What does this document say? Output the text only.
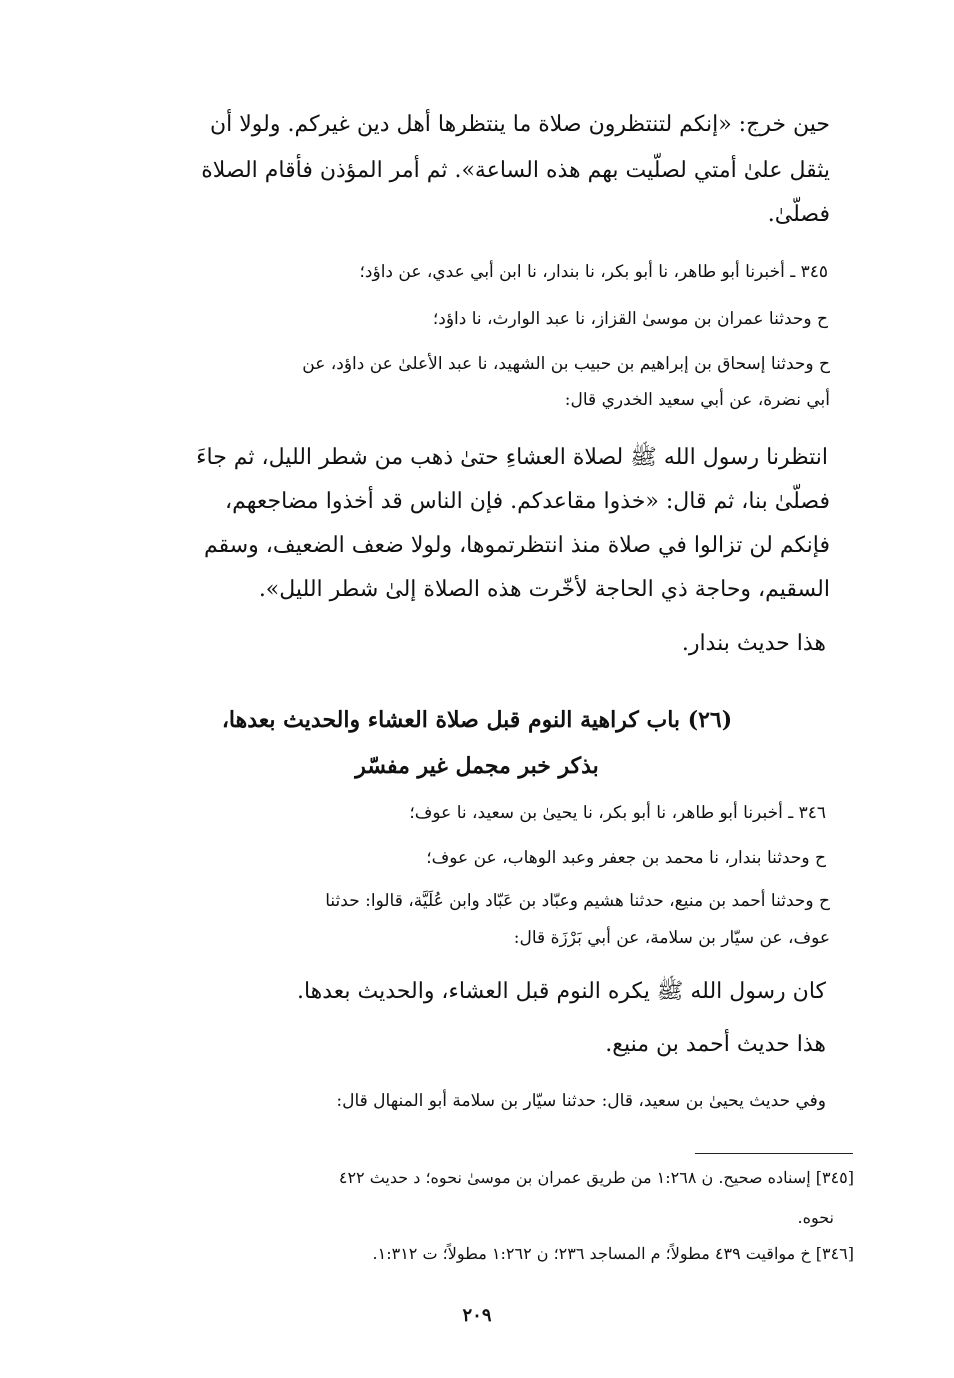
حين خرج: «إنكم لتنتظرون صلاة ما ينتظرها أهل دين غيركم. ولولا أن
يثقل علىٰ أمتي لصلّيت بهم هذه الساعة». ثم أمر المؤذن فأقام الصلاة
فصلّىٰ.
٣٤٥ ـ أخبرنا أبو طاهر، نا أبو بكر، نا بندار، نا ابن أبي عدي، عن داؤد؛
ح وحدثنا عمران بن موسىٰ القزاز، نا عبد الوارث، نا داؤد؛
ح وحدثنا إسحاق بن إبراهيم بن حبيب بن الشهيد، نا عبد الأعلىٰ عن داؤد، عن
أبي نضرة، عن أبي سعيد الخدري قال:
انتظرنا رسول الله ﷺ لصلاة العشاءِ حتىٰ ذهب من شطر الليل، ثم جاءَ
فصلّىٰ بنا، ثم قال: «خذوا مقاعدكم. فإن الناس قد أخذوا مضاجعهم،
فإنكم لن تزالوا في صلاة منذ انتظرتموها، ولولا ضعف الضعيف، وسقم
السقيم، وحاجة ذي الحاجة لأخّرت هذه الصلاة إلىٰ شطر الليل».
هذا حديث بندار.
(٢٦) باب كراهية النوم قبل صلاة العشاء والحديث بعدها،
بذكر خبر مجمل غير مفسّر
٣٤٦ ـ أخبرنا أبو طاهر، نا أبو بكر، نا يحيىٰ بن سعيد، نا عوف؛
ح وحدثنا بندار، نا محمد بن جعفر وعبد الوهاب، عن عوف؛
ح وحدثنا أحمد بن منيع، حدثنا هشيم وعبّاد بن عَبّاد وابن عُلَيَّة، قالوا: حدثنا
عوف، عن سيّار بن سلامة، عن أبي بَرْزَة قال:
كان رسول الله ﷺ يكره النوم قبل العشاء، والحديث بعدها.
هذا حديث أحمد بن منيع.
وفي حديث يحيىٰ بن سعيد، قال: حدثنا سيّار بن سلامة أبو المنهال قال:
[٣٤٥] إسناده صحيح. ن ١:٢٦٨ من طريق عمران بن موسىٰ نحوه؛ د حديث ٤٢٢
نحوه.
[٣٤٦] خ مواقيت ٤٣٩ مطولاً؛ م المساجد ٢٣٦؛ ن ١:٢٦٢ مطولاً؛ ت ١:٣١٢.
٢٠٩
